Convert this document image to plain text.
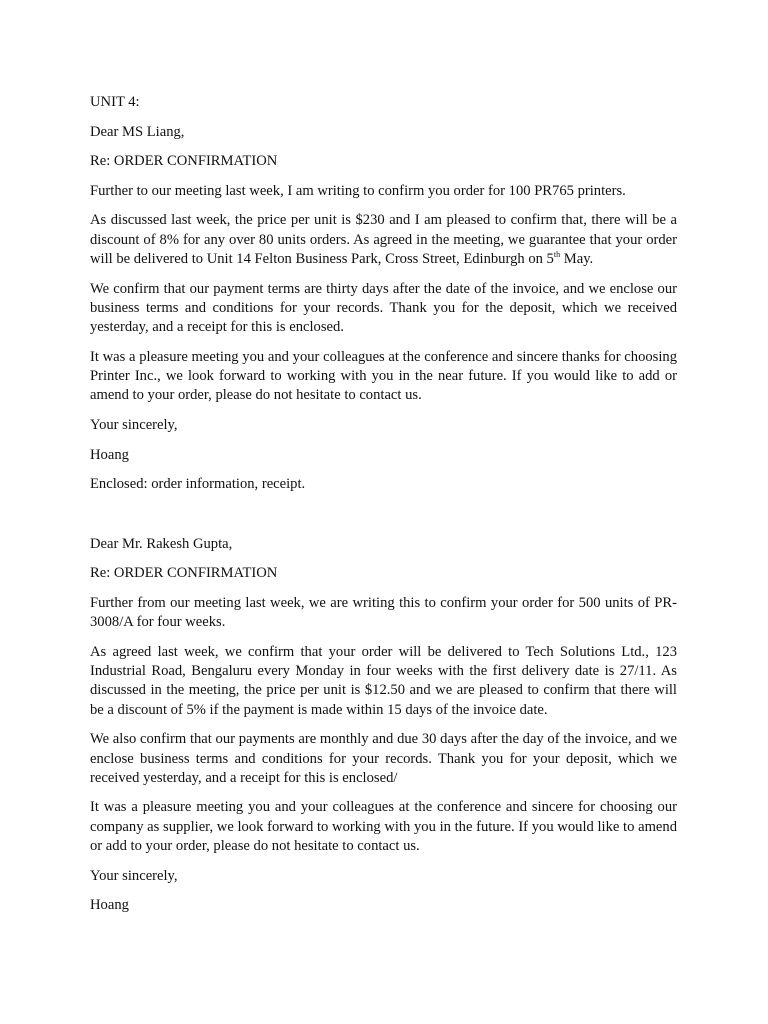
UNIT 4:

Dear MS Liang,

Re: ORDER CONFIRMATION

Further to our meeting last week, I am writing to confirm you order for 100 PR765 printers.

As discussed last week, the price per unit is $230 and I am pleased to confirm that, there will be a discount of 8% for any over 80 units orders. As agreed in the meeting, we guarantee that your order will be delivered to Unit 14 Felton Business Park, Cross Street, Edinburgh on 5th May.

We confirm that our payment terms are thirty days after the date of the invoice, and we enclose our business terms and conditions for your records. Thank you for the deposit, which we received yesterday, and a receipt for this is enclosed.

It was a pleasure meeting you and your colleagues at the conference and sincere thanks for choosing Printer Inc., we look forward to working with you in the near future. If you would like to add or amend to your order, please do not hesitate to contact us.

Your sincerely,

Hoang

Enclosed: order information, receipt.

Dear Mr. Rakesh Gupta,

Re: ORDER CONFIRMATION

Further from our meeting last week, we are writing this to confirm your order for 500 units of PR-3008/A for four weeks.

As agreed last week, we confirm that your order will be delivered to Tech Solutions Ltd., 123 Industrial Road, Bengaluru every Monday in four weeks with the first delivery date is 27/11. As discussed in the meeting, the price per unit is $12.50 and we are pleased to confirm that there will be a discount of 5% if the payment is made within 15 days of the invoice date.

We also confirm that our payments are monthly and due 30 days after the day of the invoice, and we enclose business terms and conditions for your records. Thank you for your deposit, which we received yesterday, and a receipt for this is enclosed/

It was a pleasure meeting you and your colleagues at the conference and sincere for choosing our company as supplier, we look forward to working with you in the future. If you would like to amend or add to your order, please do not hesitate to contact us.

Your sincerely,

Hoang
